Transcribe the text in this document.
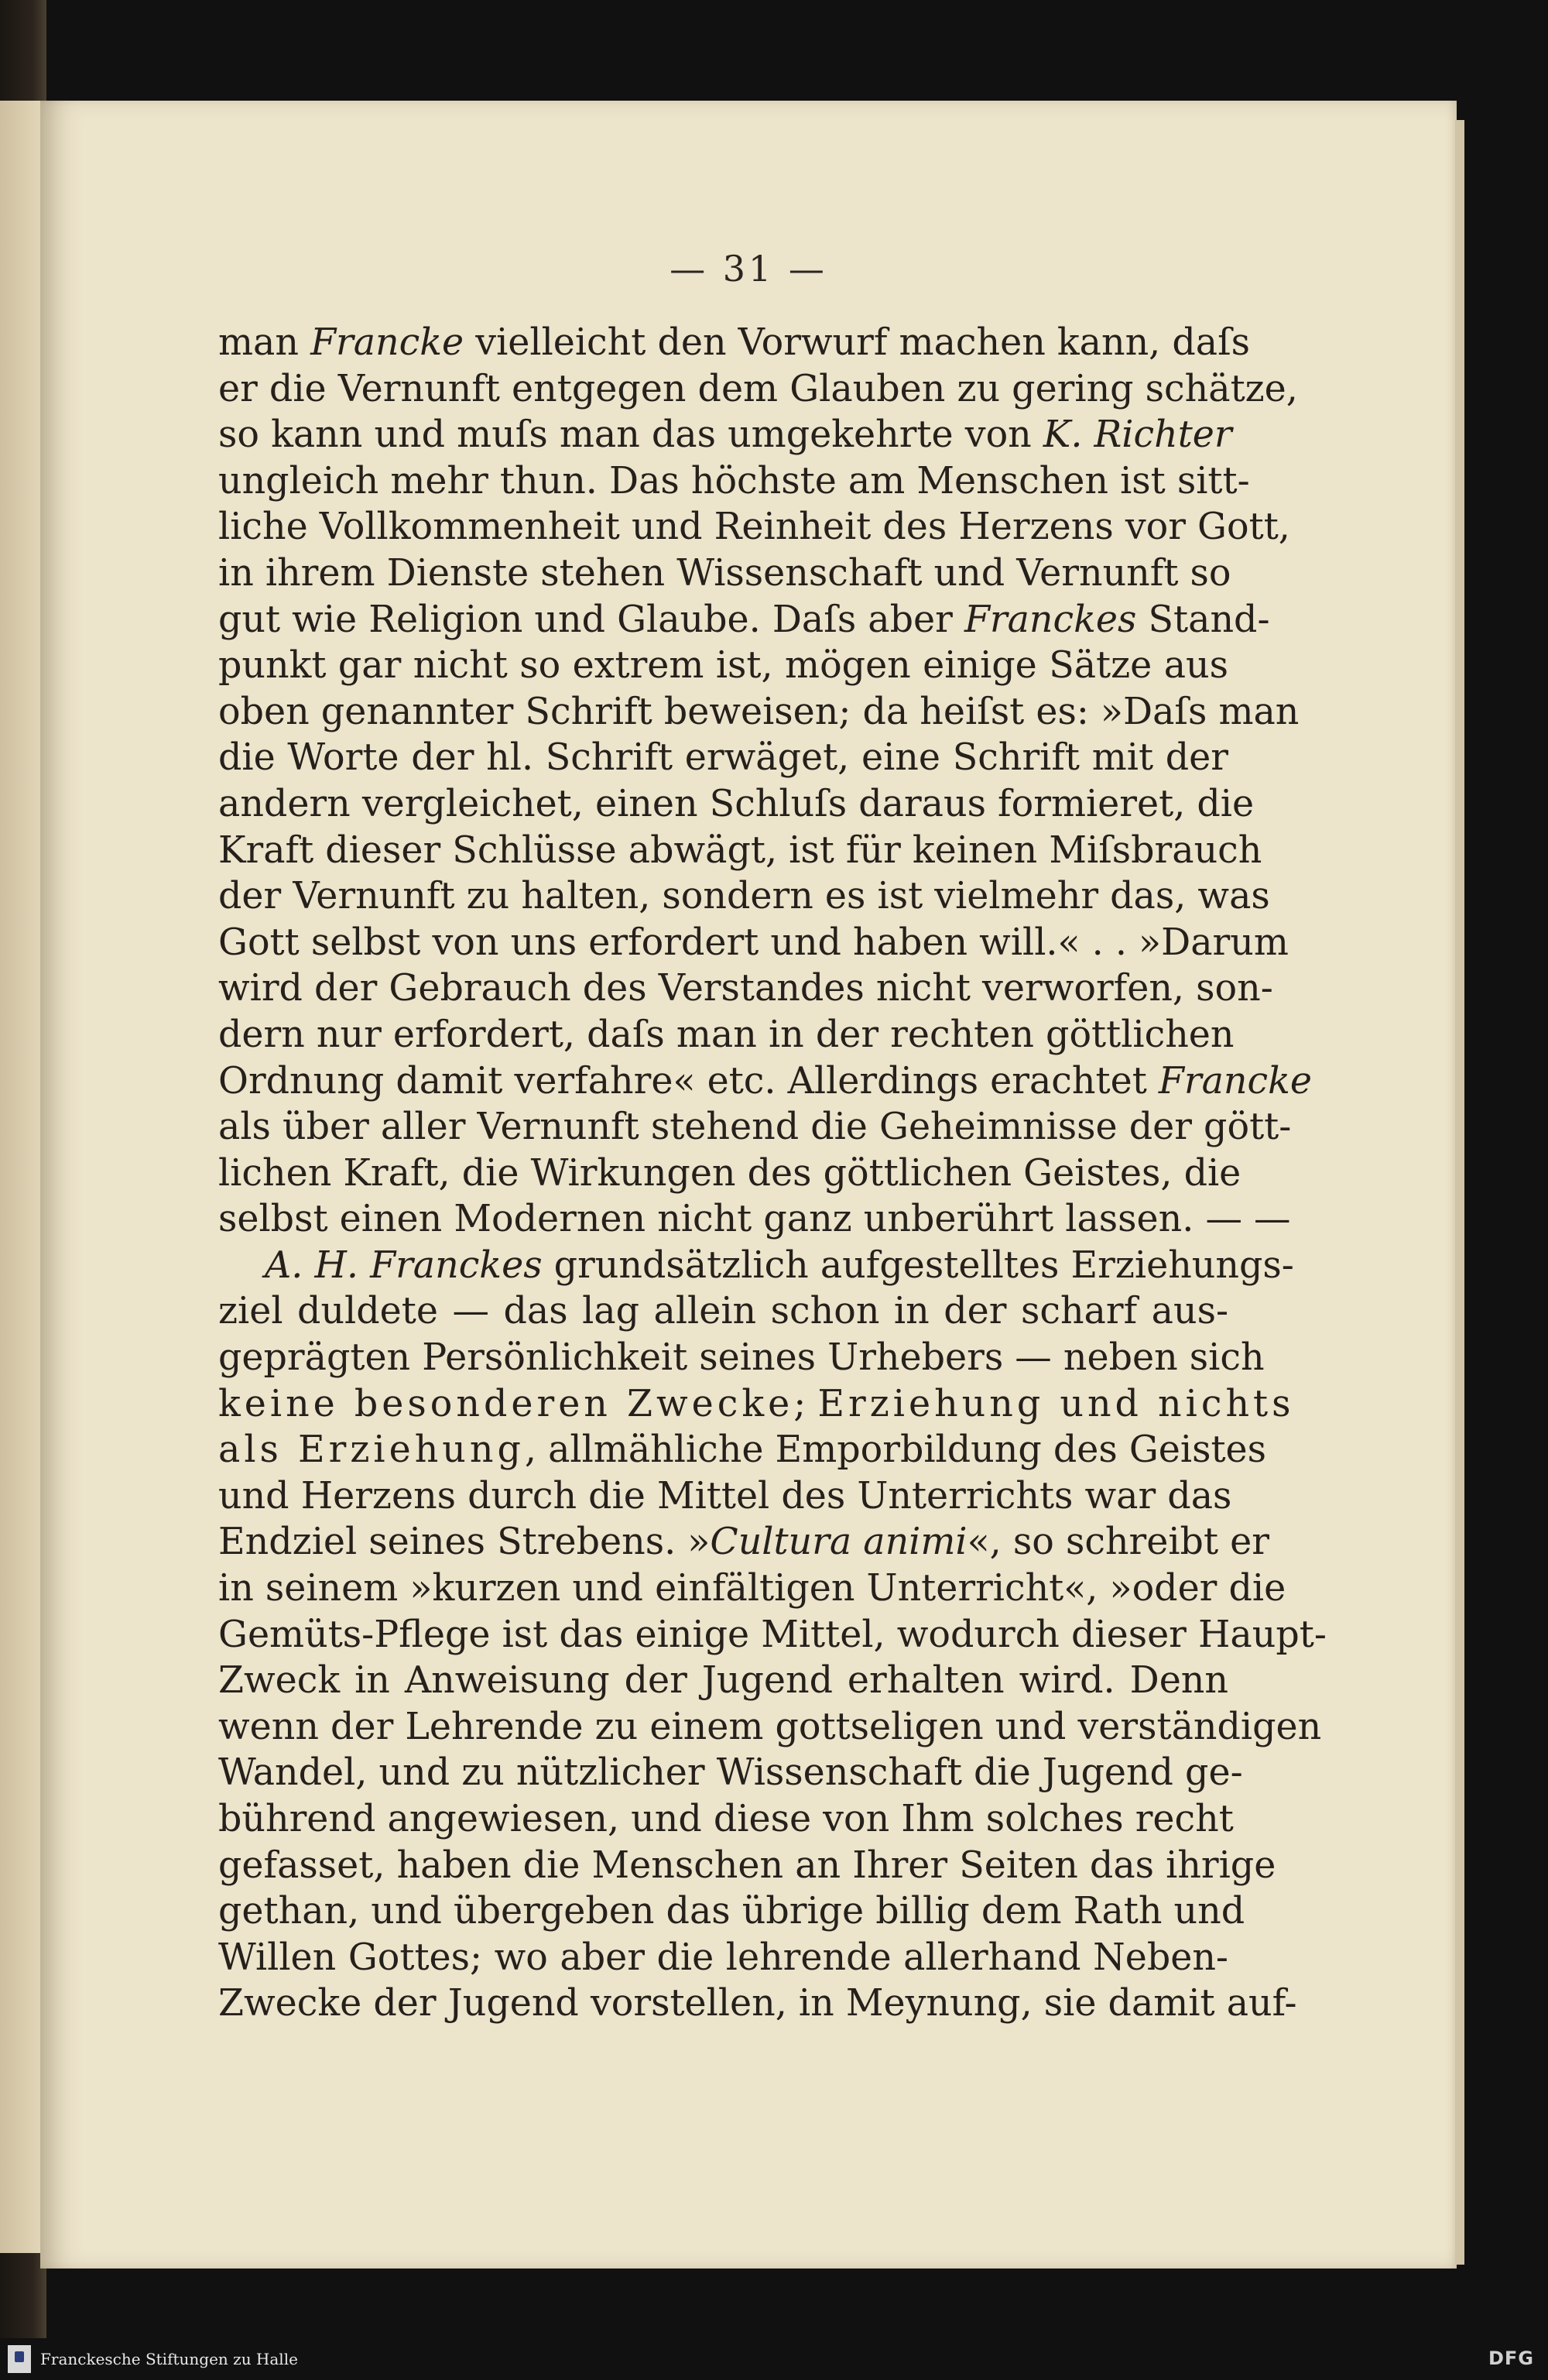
— 31 —
man Francke vielleicht den Vorwurf machen kann, daſs
er die Vernunft entgegen dem Glauben zu gering schätze,
so kann und muſs man das umgekehrte von K. Richter
ungleich mehr thun. Das höchste am Menschen ist sitt-
liche Vollkommenheit und Reinheit des Herzens vor Gott,
in ihrem Dienste stehen Wissenschaft und Vernunft so
gut wie Religion und Glaube. Daſs aber Franckes Stand-
punkt gar nicht so extrem ist, mögen einige Sätze aus
oben genannter Schrift beweisen; da heiſst es: »Daſs man
die Worte der hl. Schrift erwäget, eine Schrift mit der
andern vergleichet, einen Schluſs daraus formieret, die
Kraft dieser Schlüsse abwägt, ist für keinen Miſsbrauch
der Vernunft zu halten, sondern es ist vielmehr das, was
Gott selbst von uns erfordert und haben will.« . . »Darum
wird der Gebrauch des Verstandes nicht verworfen, son-
dern nur erfordert, daſs man in der rechten göttlichen
Ordnung damit verfahre« etc. Allerdings erachtet Francke
als über aller Vernunft stehend die Geheimnisse der gött-
lichen Kraft, die Wirkungen des göttlichen Geistes, die
selbst einen Modernen nicht ganz unberührt lassen. — —
A. H. Franckes grundsätzlich aufgestelltes Erziehungs-
ziel duldete — das lag allein schon in der scharf aus-
geprägten Persönlichkeit seines Urhebers — neben sich
keine besonderen Zwecke; Erziehung und nichts
als Erziehung, allmähliche Emporbildung des Geistes
und Herzens durch die Mittel des Unterrichts war das
Endziel seines Strebens. »Cultura animi«, so schreibt er
in seinem »kurzen und einfältigen Unterricht«, »oder die
Gemüts-Pflege ist das einige Mittel, wodurch dieser Haupt-
Zweck in Anweisung der Jugend erhalten wird. Denn
wenn der Lehrende zu einem gottseligen und verständigen
Wandel, und zu nützlicher Wissenschaft die Jugend ge-
bührend angewiesen, und diese von Ihm solches recht
gefasset, haben die Menschen an Ihrer Seiten das ihrige
gethan, und übergeben das übrige billig dem Rath und
Willen Gottes; wo aber die lehrende allerhand Neben-
Zwecke der Jugend vorstellen, in Meynung, sie damit auf-
Franckesche Stiftungen zu Halle	DFG
